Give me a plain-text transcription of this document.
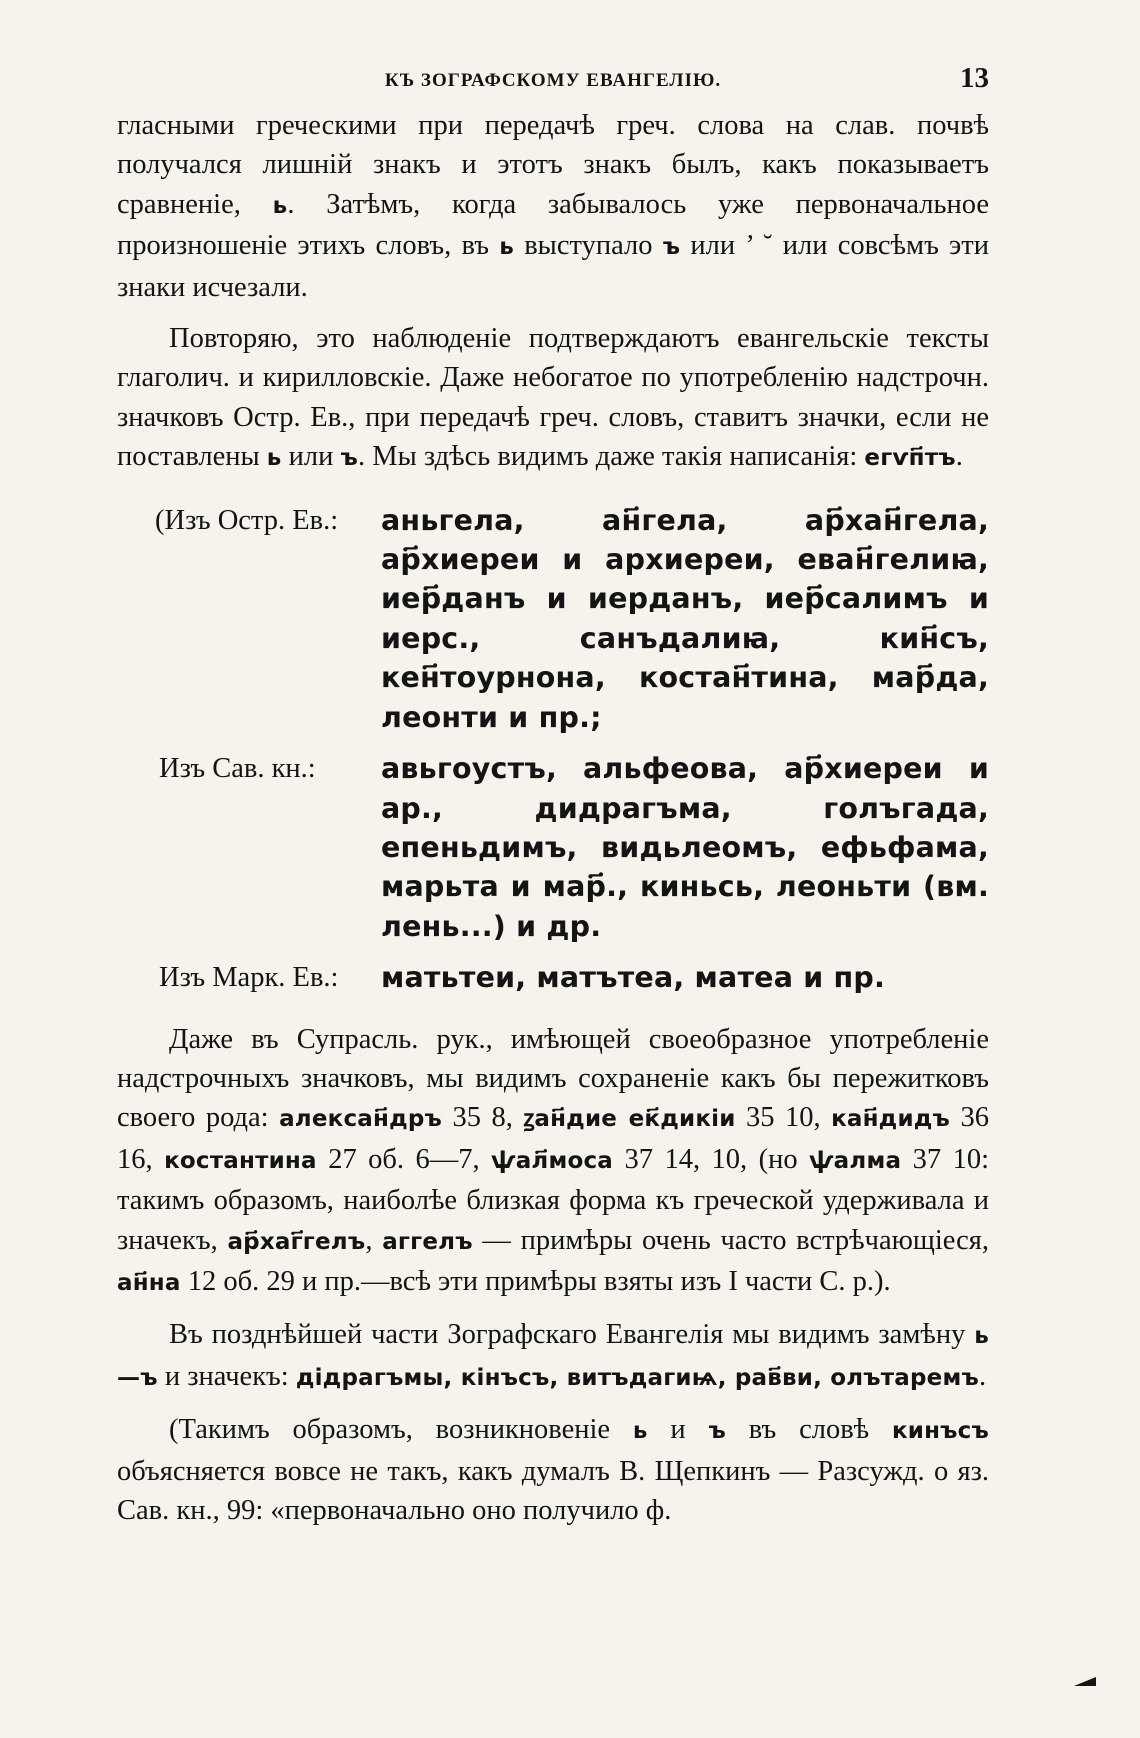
КЪ ЗОГРАФСКОМУ ЕВАНГЕЛІЮ.	13

гласными греческими при передачѣ греч. слова на слав. почвѣ получался лишній знакъ и этотъ знакъ былъ, какъ показываетъ сравненіе, ь. Затѣмъ, когда забывалось уже первоначальное произношеніе этихъ словъ, въ ь выступало ъ или ’ ˘ или совсѣмъ эти знаки исчезали.

Повторяю, это наблюденіе подтверждаютъ евангельскіе тексты глаголич. и кирилловскіе. Даже небогатое по употребленію надстрочн. значковъ Остр. Ев., при передачѣ греч. словъ, ставитъ значки, если не поставлены ь или ъ. Мы здѣсь видимъ даже такія написанія: егѵп҃тъ.

(Изъ Остр. Ев.:	аньгела, ан҃гела, ар҃хан҃гела, ар҃хиереи и архиереи, еван҃гелиꙗ, иер҃данъ и иерданъ, иер҃салимъ и иерс., санъдалиꙗ, кин҃съ, кен҃тоурнона, костан҃тина, мар҃да, леонти и пр.;
Изъ Сав. кн.:	авьгоустъ, альфеова, ар҃хиереи и ар., дидрагъма, голъгада, епеньдимъ, видьлеомъ, ефьфама, марьта и мар҃., киньсь, леоньти (вм. лень...) и др.
Изъ Марк. Ев.:	матьтеи, матътеа, матеа и пр.

Даже въ Супрасль. рук., имѣющей своеобразное употребленіе надстрочныхъ значковъ, мы видимъ сохраненіе какъ бы пережитковъ своего рода: алексан҃дръ 35 8, ꙁан҃дие ек҃дикіи 35 10, кан҃дидъ 36 16, костантина 27 об. 6—7, ѱал҃моса 37 14, 10, (но ѱалма 37 10: такимъ образомъ, наиболѣе близкая форма къ греческой удерживала и значекъ, ар҃хаг҃гелъ, аггелъ — примѣры очень часто встрѣчающіеся, ан҃на 12 об. 29 и пр.—всѣ эти примѣры взяты изъ I части С. р.).

Въ позднѣйшей части Зографскаго Евангелія мы видимъ замѣну ь—ъ и значекъ: дідрагъмы, кінъсъ, витъдагиѩ, рав҃ви, олътаремъ.

(Такимъ образомъ, возникновеніе ь и ъ въ словѣ кинъсъ объясняется вовсе не такъ, какъ думалъ В. Щепкинъ — Разсужд. о яз. Сав. кн., 99: «первоначально оно получило ф.
